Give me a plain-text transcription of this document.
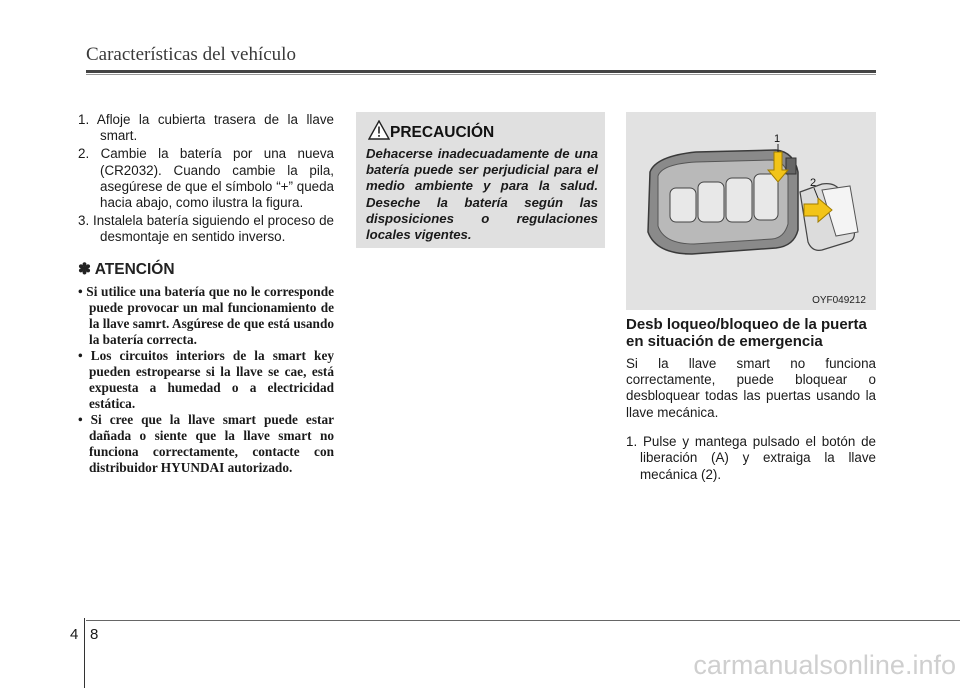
Características del vehículo

1. Afloje la cubierta trasera de la llave smart.

2. Cambie la batería por una nueva (CR2032). Cuando cambie la pila, asegúrese de que el símbolo “+” queda hacia abajo, como ilustra la figura.

3. Instalela batería siguiendo el proceso de desmontaje en sentido inverso.

✽ ATENCIÓN

• Si utilice una batería que no le corresponde puede provocar un mal funcionamiento de la llave samrt. Asgúrese de que está usando la batería correcta.

• Los circuitos interiors de la smart key pueden estropearse si la llave se cae, está expuesta a humedad o a electricidad estática.

• Si cree que la llave smart puede estar dañada o siente que la llave smart no funciona correctamente, contacte con distribuidor HYUNDAI autorizado.

PRECAUCIÓN
Dehacerse inadecuadamente de una batería puede ser perjudicial para el medio ambiente y para la salud. Deseche la batería según las disposiciones o regulaciones locales vigentes.
1
2
OYF049212
Desb loqueo/bloqueo de la puerta en situación de emergencia

Si la llave smart no funciona correctamente, puede bloquear o desbloquear todas las puertas usando la llave mecánica.

1. Pulse y mantega pulsado el botón de liberación (A) y extraiga la llave mecánica (2).

4 8
carmanualsonline.info
